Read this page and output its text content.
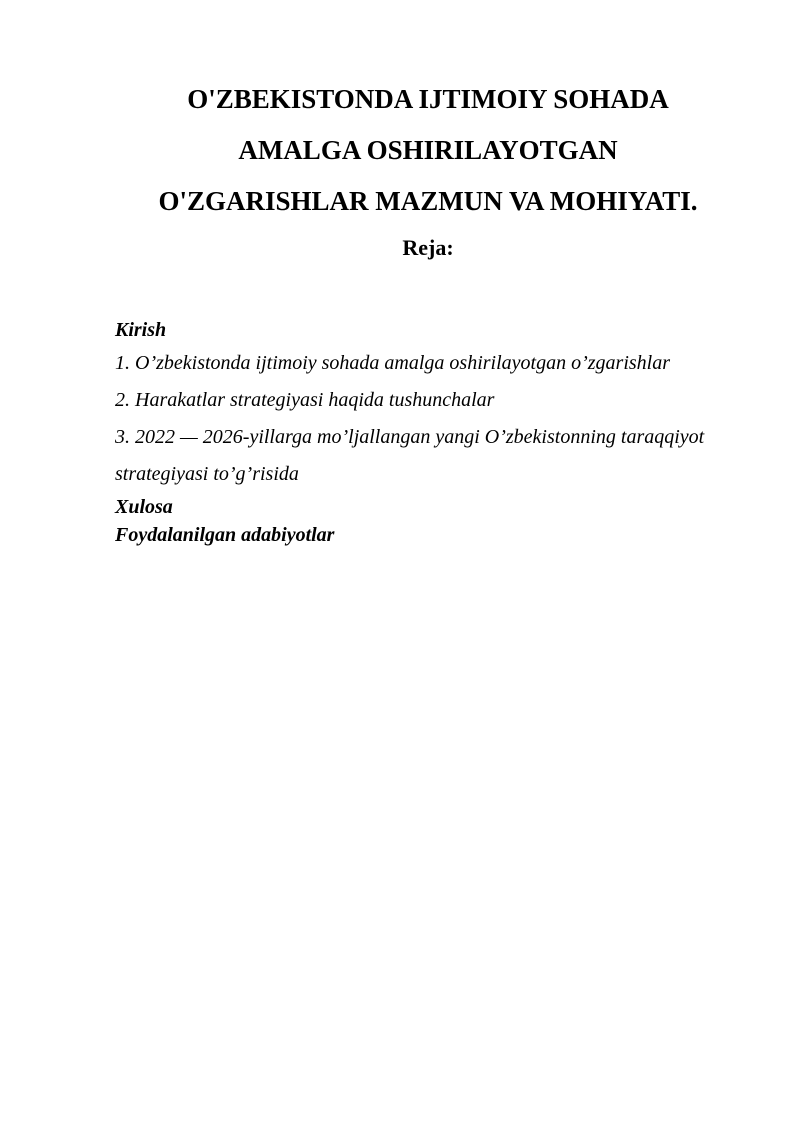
O'ZBEKISTONDA IJTIMOIY SOHADA
AMALGA OSHIRILAYOTGAN
O'ZGARISHLAR MAZMUN VA MOHIYATI.
Reja:
Kirish
1. O’zbekistonda ijtimoiy sohada amalga oshirilayotgan o’zgarishlar
2. Harakatlar strategiyasi haqida tushunchalar
3. 2022 — 2026-yillarga mo’ljallangan yangi O’zbekistonning taraqqiyot
strategiyasi to’g’risida
Xulosa
Foydalanilgan adabiyotlar
